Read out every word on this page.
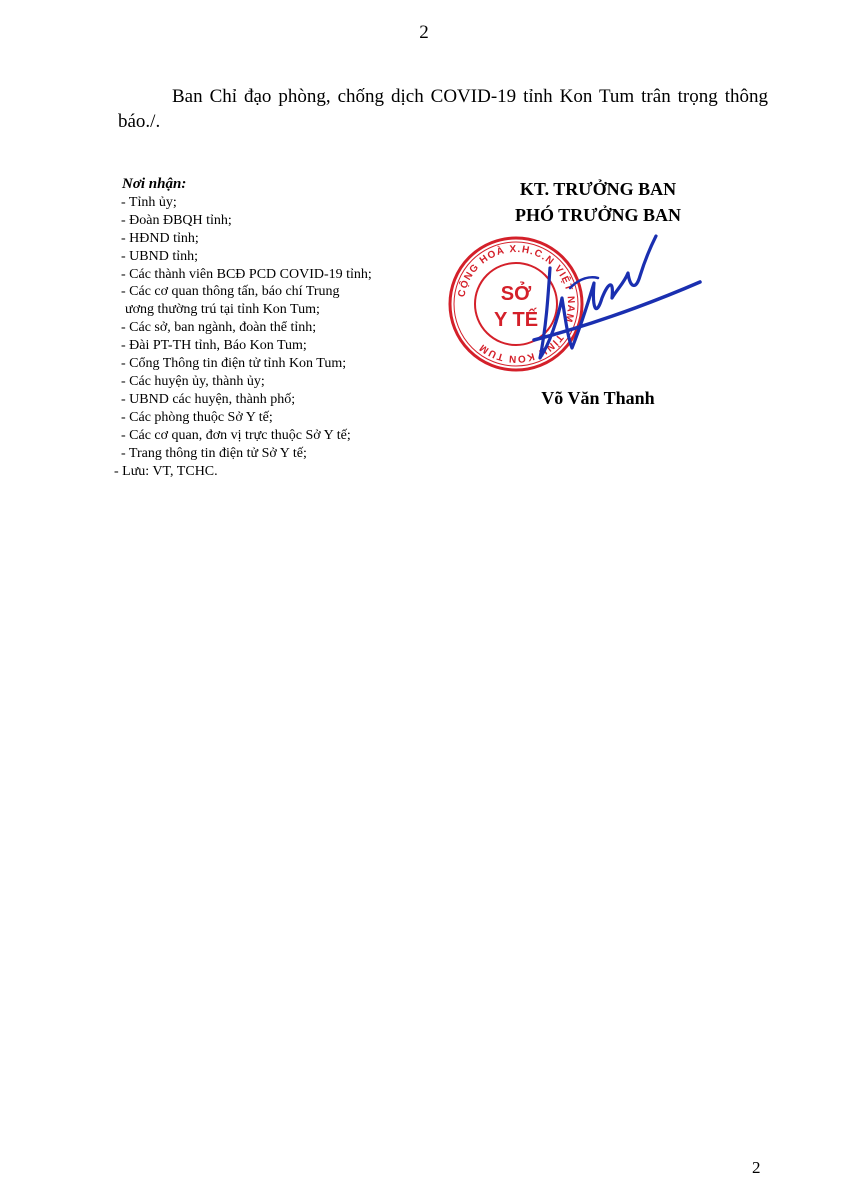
2
Ban Chỉ đạo phòng, chống dịch COVID-19 tỉnh Kon Tum trân trọng thông báo./.
Nơi nhận:
- Tỉnh ủy;
- Đoàn ĐBQH tỉnh;
- HĐND tỉnh;
- UBND tỉnh;
- Các thành viên BCĐ PCD COVID-19 tỉnh;
- Các cơ quan thông tấn, báo chí Trung
ương thường trú tại tỉnh Kon Tum;
- Các sở, ban ngành, đoàn thể tỉnh;
- Đài PT-TH tỉnh, Báo Kon Tum;
- Cổng Thông tin điện tử tỉnh Kon Tum;
- Các huyện ủy, thành ủy;
- UBND các huyện, thành phố;
- Các phòng thuộc Sở Y tế;
- Các cơ quan, đơn vị trực thuộc Sở Y tế;
- Trang thông tin điện tử Sở Y tế;
- Lưu: VT, TCHC.
KT. TRƯỞNG BAN
PHÓ TRƯỞNG BAN
CỘNG HOÀ X.H.C.N VIỆT NAM * TỈNH KON TUM
SỞ
Y TẾ
Võ Văn Thanh
2
